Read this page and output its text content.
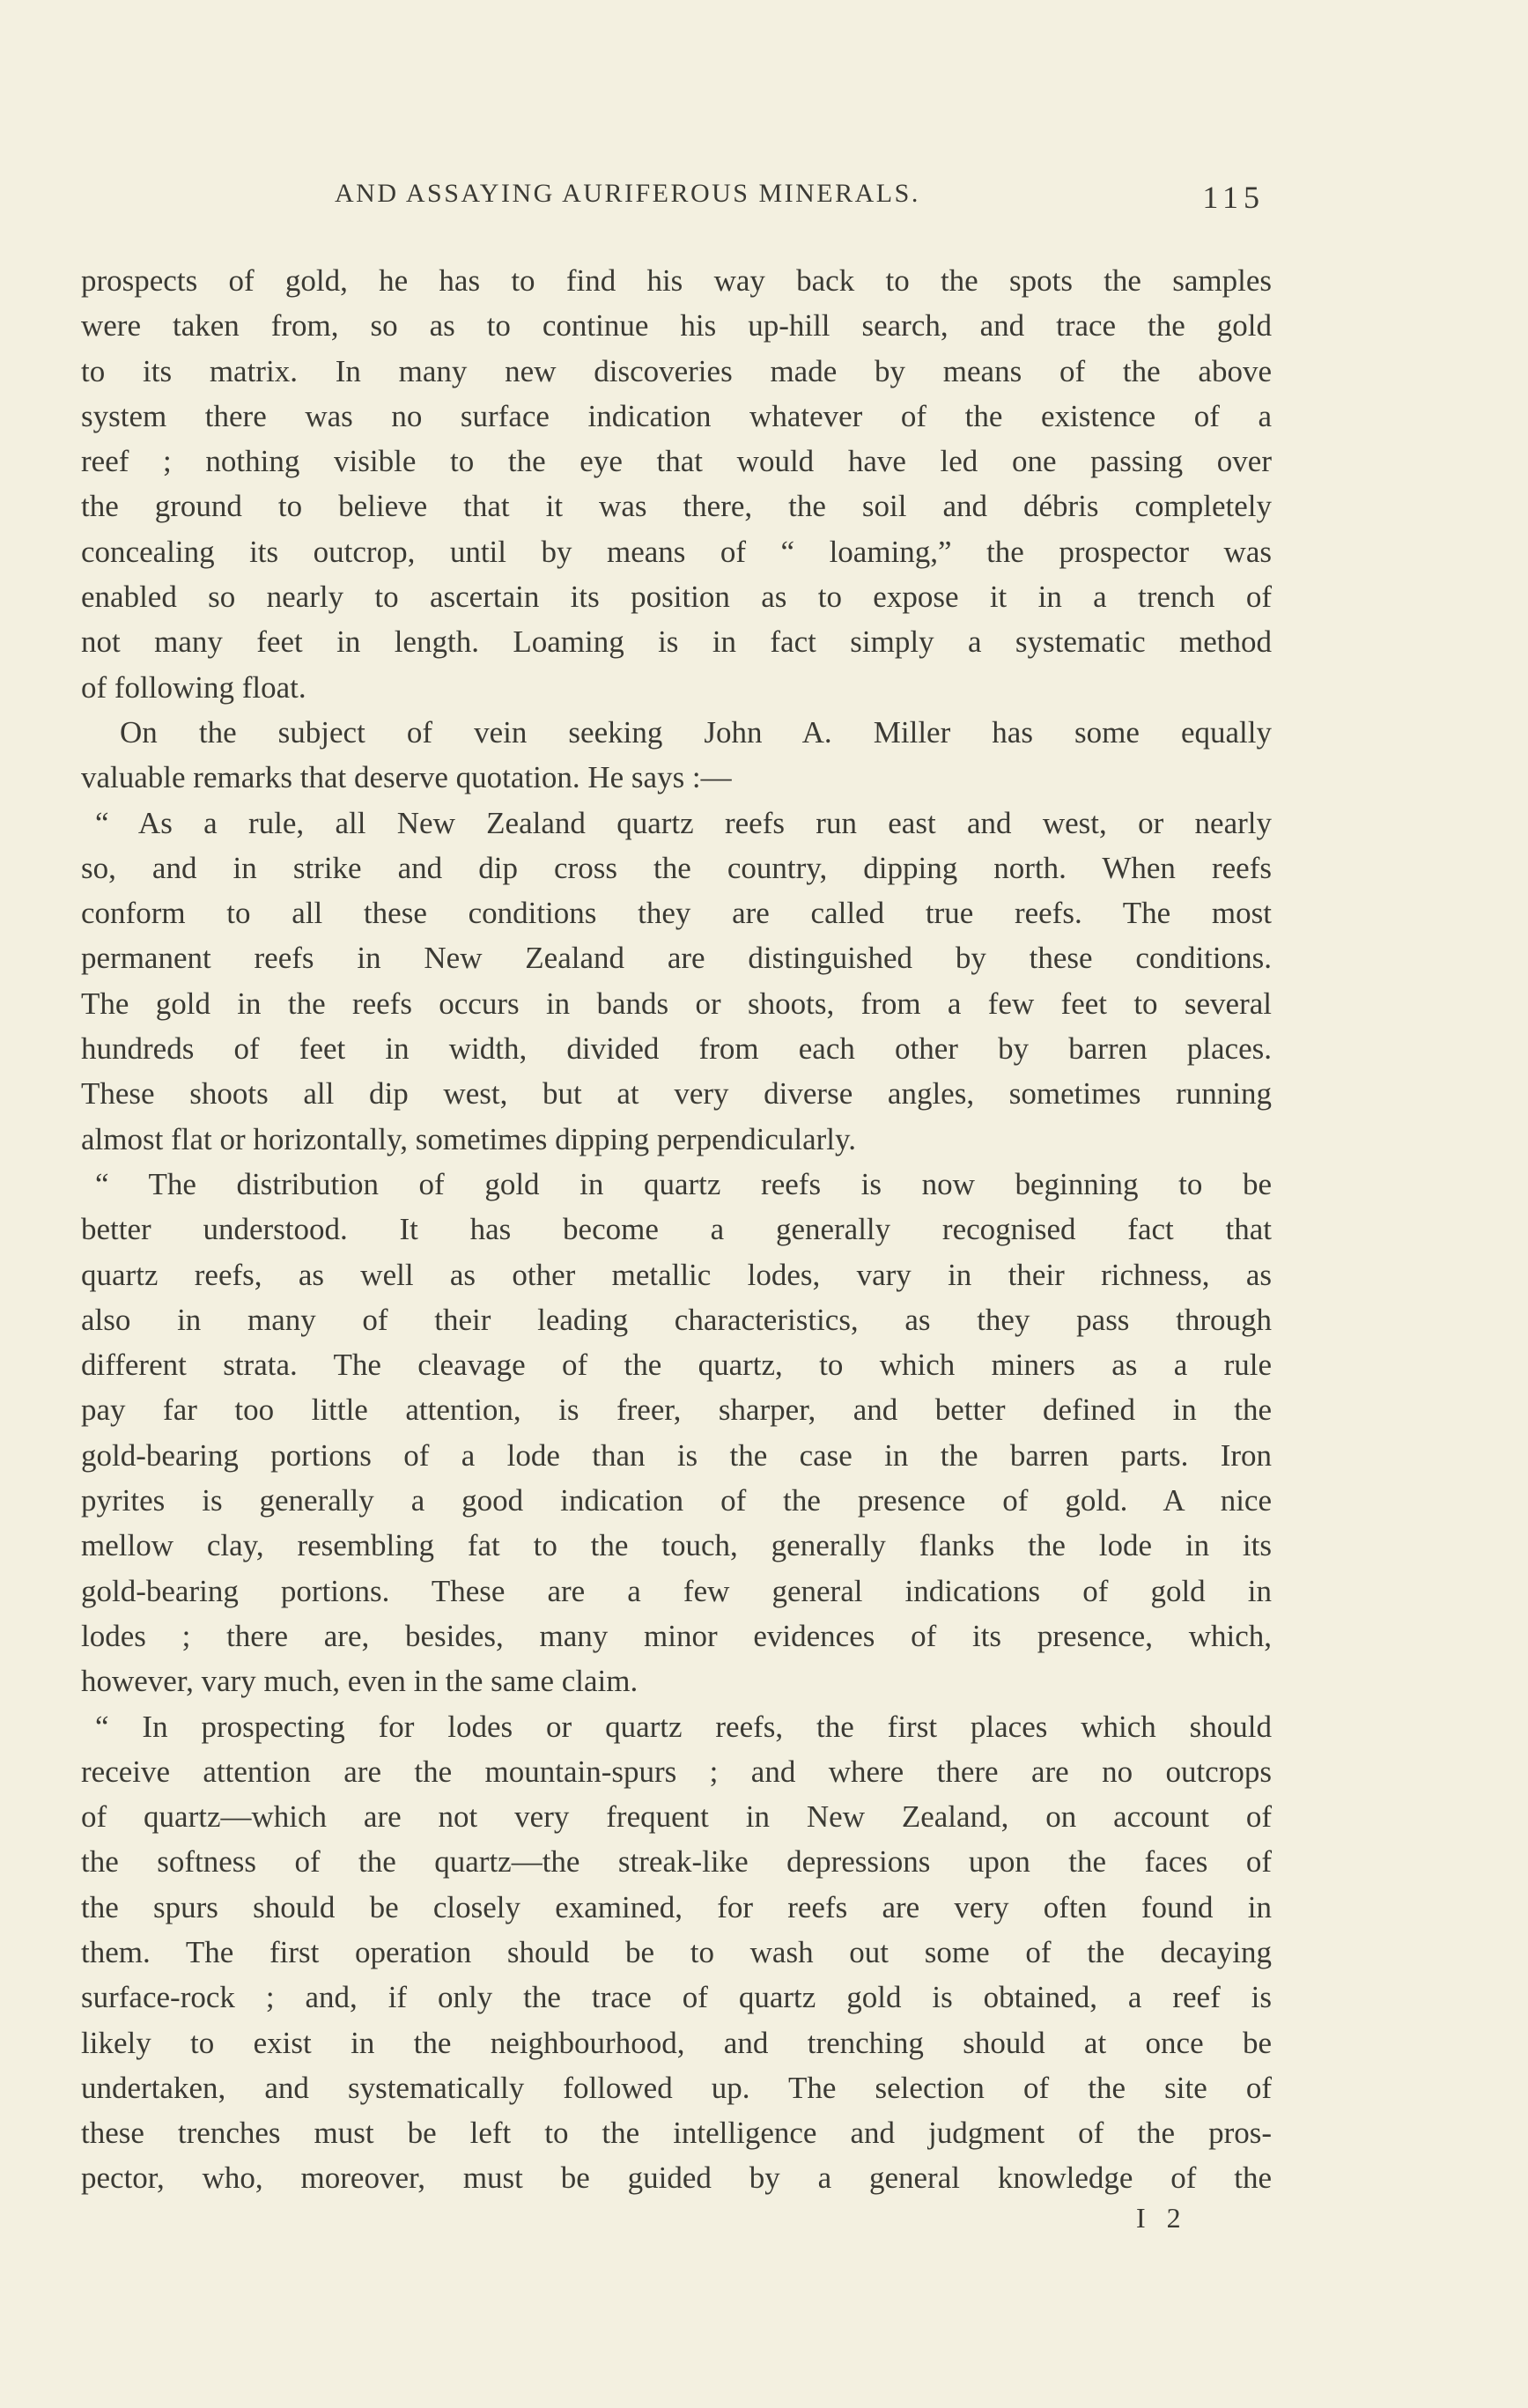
AND ASSAYING AURIFEROUS MINERALS.	115
prospects of gold, he has to find his way back to the spots the samples
were taken from, so as to continue his up-hill search, and trace the gold
to its matrix. In many new discoveries made by means of the above
system there was no surface indication whatever of the existence of a
reef ; nothing visible to the eye that would have led one passing over
the ground to believe that it was there, the soil and débris completely
concealing its outcrop, until by means of “ loaming,” the prospector was
enabled so nearly to ascertain its position as to expose it in a trench of
not many feet in length. Loaming is in fact simply a systematic method
of following float.
On the subject of vein seeking John A. Miller has some equally
valuable remarks that deserve quotation. He says :—
“ As a rule, all New Zealand quartz reefs run east and west, or nearly
so, and in strike and dip cross the country, dipping north. When reefs
conform to all these conditions they are called true reefs. The most
permanent reefs in New Zealand are distinguished by these conditions.
The gold in the reefs occurs in bands or shoots, from a few feet to several
hundreds of feet in width, divided from each other by barren places.
These shoots all dip west, but at very diverse angles, sometimes running
almost flat or horizontally, sometimes dipping perpendicularly.
“ The distribution of gold in quartz reefs is now beginning to be
better understood. It has become a generally recognised fact that
quartz reefs, as well as other metallic lodes, vary in their richness, as
also in many of their leading characteristics, as they pass through
different strata. The cleavage of the quartz, to which miners as a rule
pay far too little attention, is freer, sharper, and better defined in the
gold-bearing portions of a lode than is the case in the barren parts. Iron
pyrites is generally a good indication of the presence of gold. A nice
mellow clay, resembling fat to the touch, generally flanks the lode in its
gold-bearing portions. These are a few general indications of gold in
lodes ; there are, besides, many minor evidences of its presence, which,
however, vary much, even in the same claim.
“ In prospecting for lodes or quartz reefs, the first places which should
receive attention are the mountain-spurs ; and where there are no outcrops
of quartz—which are not very frequent in New Zealand, on account of
the softness of the quartz—the streak-like depressions upon the faces of
the spurs should be closely examined, for reefs are very often found in
them. The first operation should be to wash out some of the decaying
surface-rock ; and, if only the trace of quartz gold is obtained, a reef is
likely to exist in the neighbourhood, and trenching should at once be
undertaken, and systematically followed up. The selection of the site of
these trenches must be left to the intelligence and judgment of the pros-
pector, who, moreover, must be guided by a general knowledge of the
I 2
